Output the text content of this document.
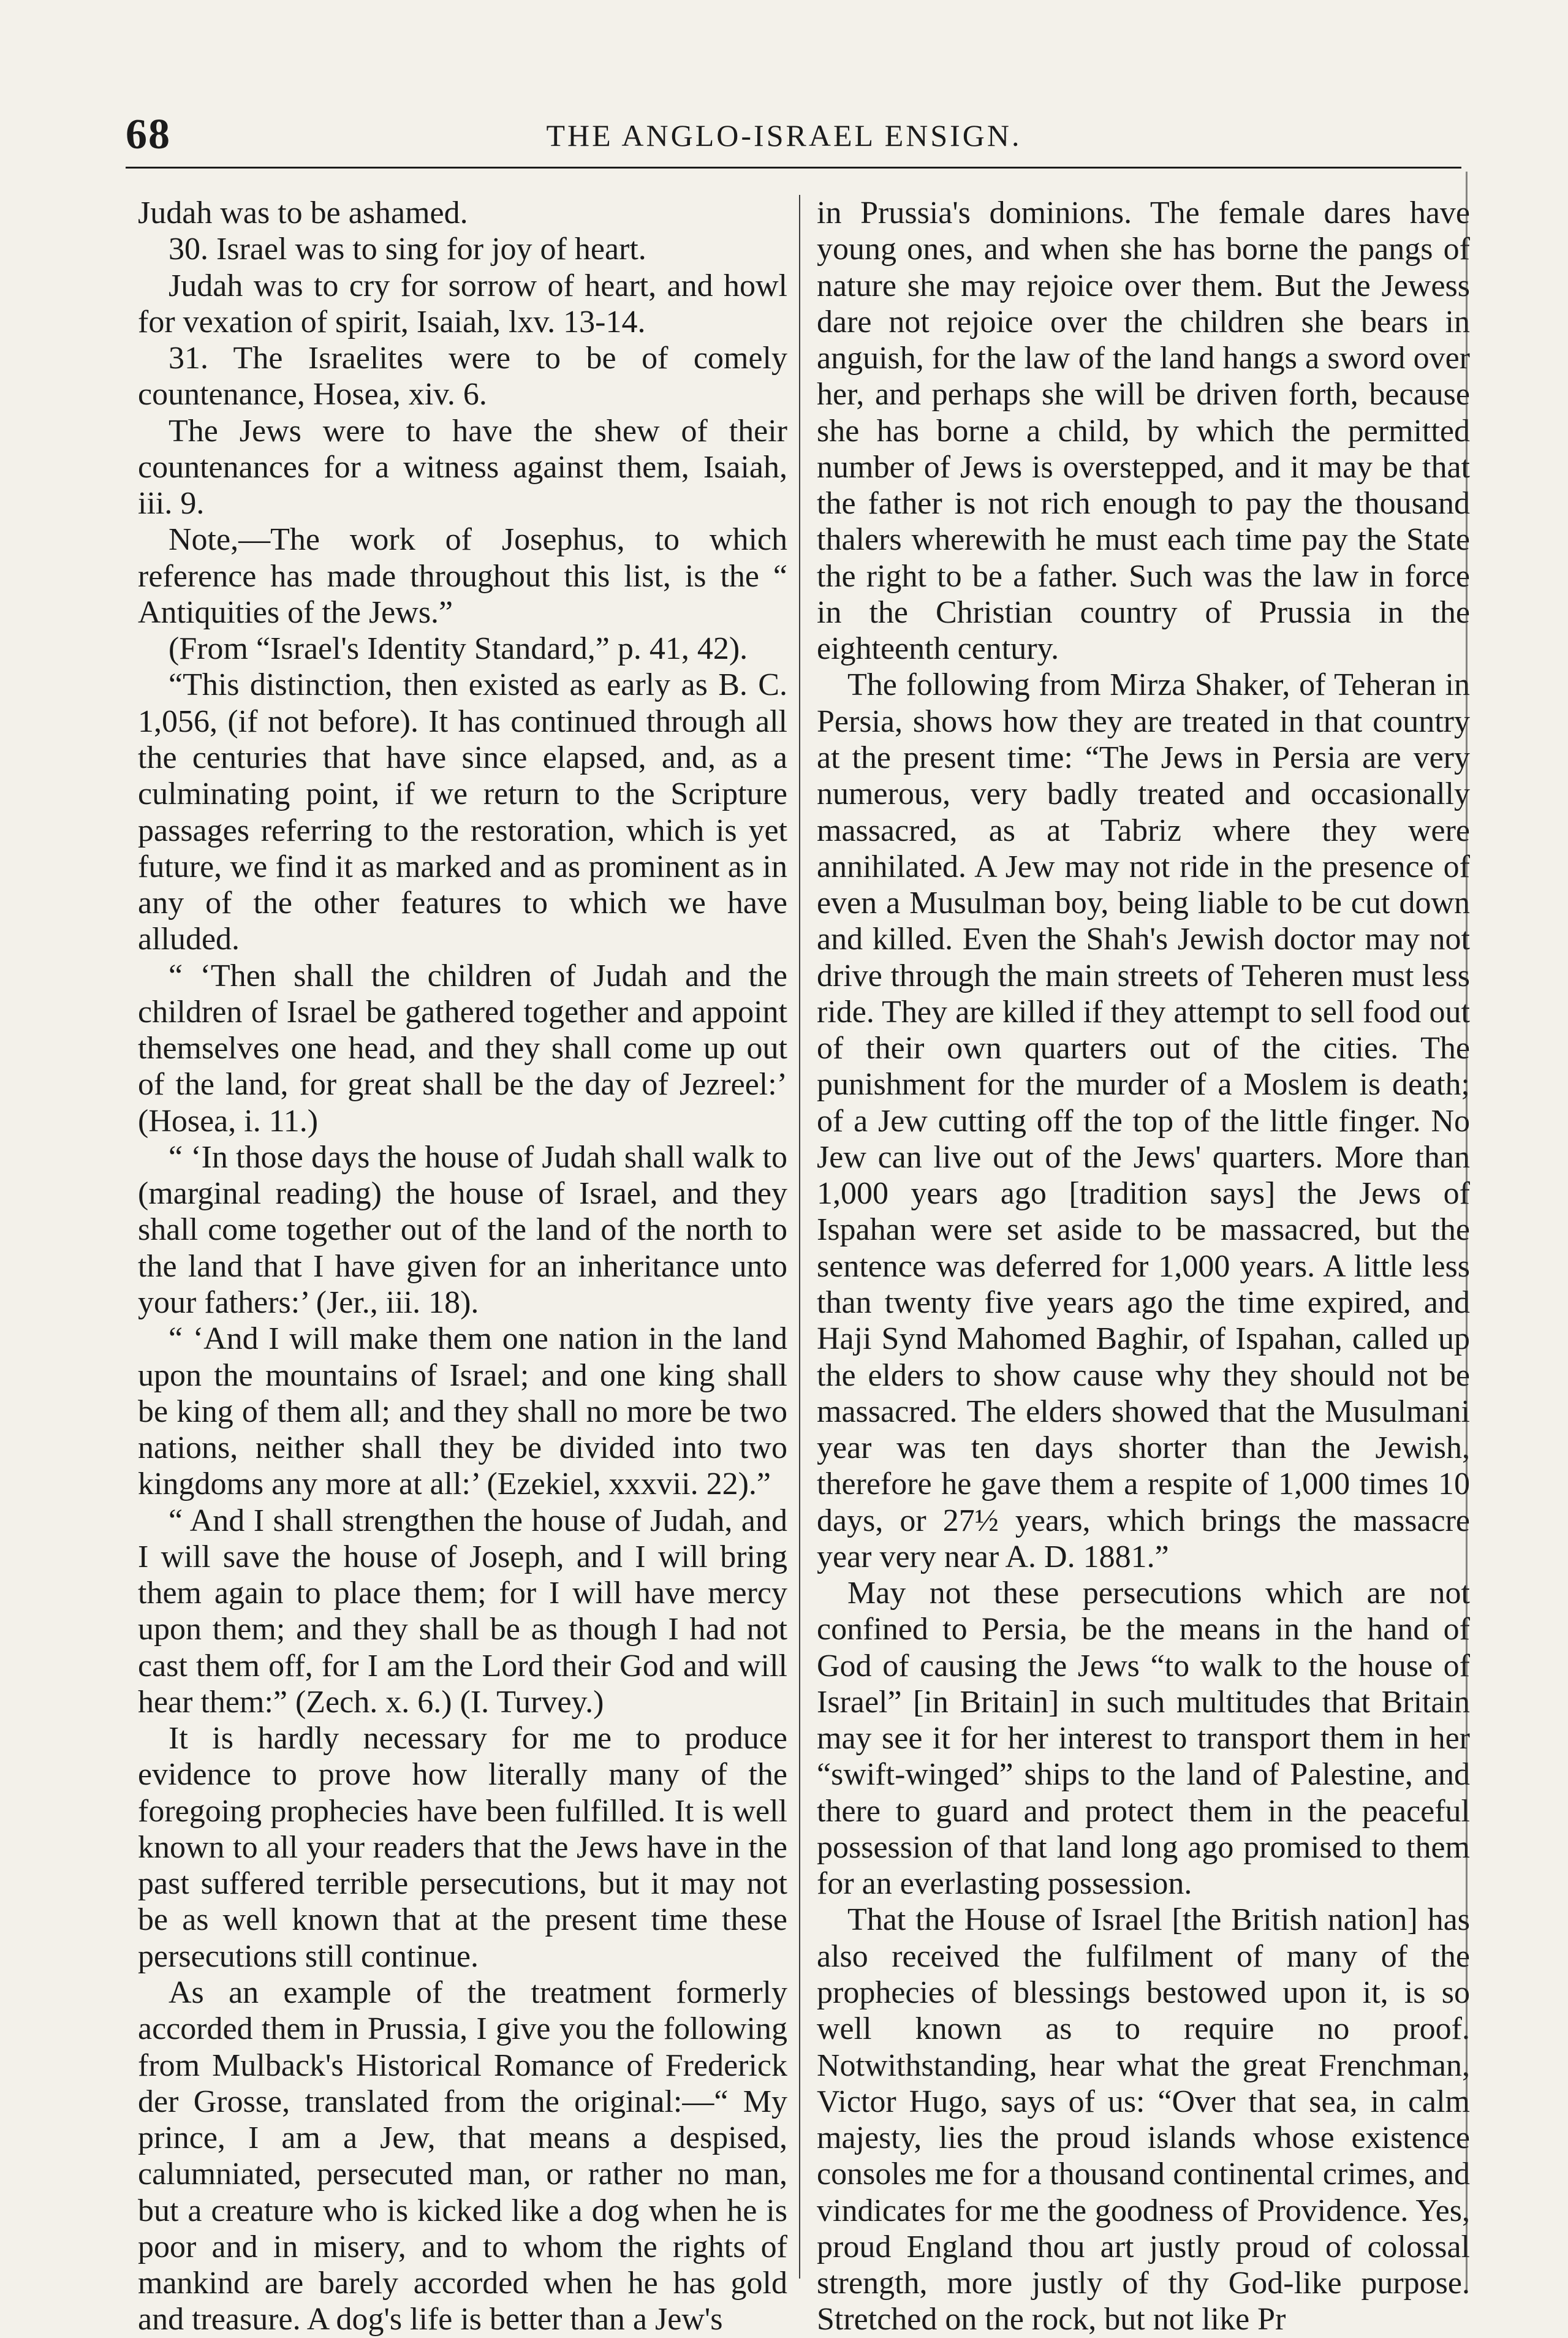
68	THE ANGLO-ISRAEL ENSIGN.

Judah was to be ashamed.

30. Israel was to sing for joy of heart.

Judah was to cry for sorrow of heart, and howl for vexation of spirit, Isaiah, lxv. 13-14.

31. The Israelites were to be of comely countenance, Hosea, xiv. 6.

The Jews were to have the shew of their countenances for a witness against them, Isaiah, iii. 9.

Note,—The work of Josephus, to which reference has made throughout this list, is the “ Antiquities of the Jews.”

(From “Israel's Identity Standard,” p. 41, 42).

“This distinction, then existed as early as B. C. 1,056, (if not before). It has continued through all the centuries that have since elapsed, and, as a culminating point, if we return to the Scripture passages referring to the restoration, which is yet future, we find it as marked and as prominent as in any of the other features to which we have alluded.

“ ‘Then shall the children of Judah and the children of Israel be gathered together and appoint themselves one head, and they shall come up out of the land, for great shall be the day of Jezreel:’ (Hosea, i. 11.)

“ ‘In those days the house of Judah shall walk to (marginal reading) the house of Israel, and they shall come together out of the land of the north to the land that I have given for an inheritance unto your fathers:’ (Jer., iii. 18).

“ ‘And I will make them one nation in the land upon the mountains of Israel; and one king shall be king of them all; and they shall no more be two nations, neither shall they be divided into two kingdoms any more at all:’ (Ezekiel, xxxvii. 22).”

“ And I shall strengthen the house of Judah, and I will save the house of Joseph, and I will bring them again to place them; for I will have mercy upon them; and they shall be as though I had not cast them off, for I am the Lord their God and will hear them:” (Zech. x. 6.) (I. Turvey.)

It is hardly necessary for me to produce evidence to prove how literally many of the foregoing prophecies have been fulfilled. It is well known to all your readers that the Jews have in the past suffered terrible persecutions, but it may not be as well known that at the present time these persecutions still continue.

As an example of the treatment formerly accorded them in Prussia, I give you the following from Mulback's Historical Romance of Frederick der Grosse, translated from the original:—“ My prince, I am a Jew, that means a despised, calumniated, persecuted man, or rather no man, but a creature who is kicked like a dog when he is poor and in misery, and to whom the rights of mankind are barely accorded when he has gold and treasure. A dog's life is better than a Jew's

in Prussia's dominions. The female dares have young ones, and when she has borne the pangs of nature she may rejoice over them. But the Jewess dare not rejoice over the children she bears in anguish, for the law of the land hangs a sword over her, and perhaps she will be driven forth, because she has borne a child, by which the permitted number of Jews is overstepped, and it may be that the father is not rich enough to pay the thousand thalers wherewith he must each time pay the State the right to be a father. Such was the law in force in the Christian country of Prussia in the eighteenth century.

The following from Mirza Shaker, of Teheran in Persia, shows how they are treated in that country at the present time: “The Jews in Persia are very numerous, very badly treated and occasionally massacred, as at Tabriz where they were annihilated. A Jew may not ride in the presence of even a Musulman boy, being liable to be cut down and killed. Even the Shah's Jewish doctor may not drive through the main streets of Teheren must less ride. They are killed if they attempt to sell food out of their own quarters out of the cities. The punishment for the murder of a Moslem is death; of a Jew cutting off the top of the little finger. No Jew can live out of the Jews' quarters. More than 1,000 years ago [tradition says] the Jews of Ispahan were set aside to be massacred, but the sentence was deferred for 1,000 years. A little less than twenty five years ago the time expired, and Haji Synd Mahomed Baghir, of Ispahan, called up the elders to show cause why they should not be massacred. The elders showed that the Musulmani year was ten days shorter than the Jewish, therefore he gave them a respite of 1,000 times 10 days, or 27½ years, which brings the massacre year very near A. D. 1881.”

May not these persecutions which are not confined to Persia, be the means in the hand of God of causing the Jews “to walk to the house of Israel” [in Britain] in such multitudes that Britain may see it for her interest to transport them in her “swift-winged” ships to the land of Palestine, and there to guard and protect them in the peaceful possession of that land long ago promised to them for an everlasting possession.

That the House of Israel [the British nation] has also received the fulfilment of many of the prophecies of blessings bestowed upon it, is so well known as to require no proof. Notwithstanding, hear what the great Frenchman, Victor Hugo, says of us: “Over that sea, in calm majesty, lies the proud islands whose existence consoles me for a thousand continental crimes, and vindicates for me the goodness of Providence. Yes, proud England thou art justly proud of colossal strength, more justly of thy God-like purpose. Stretched on the rock, but not like Pr
